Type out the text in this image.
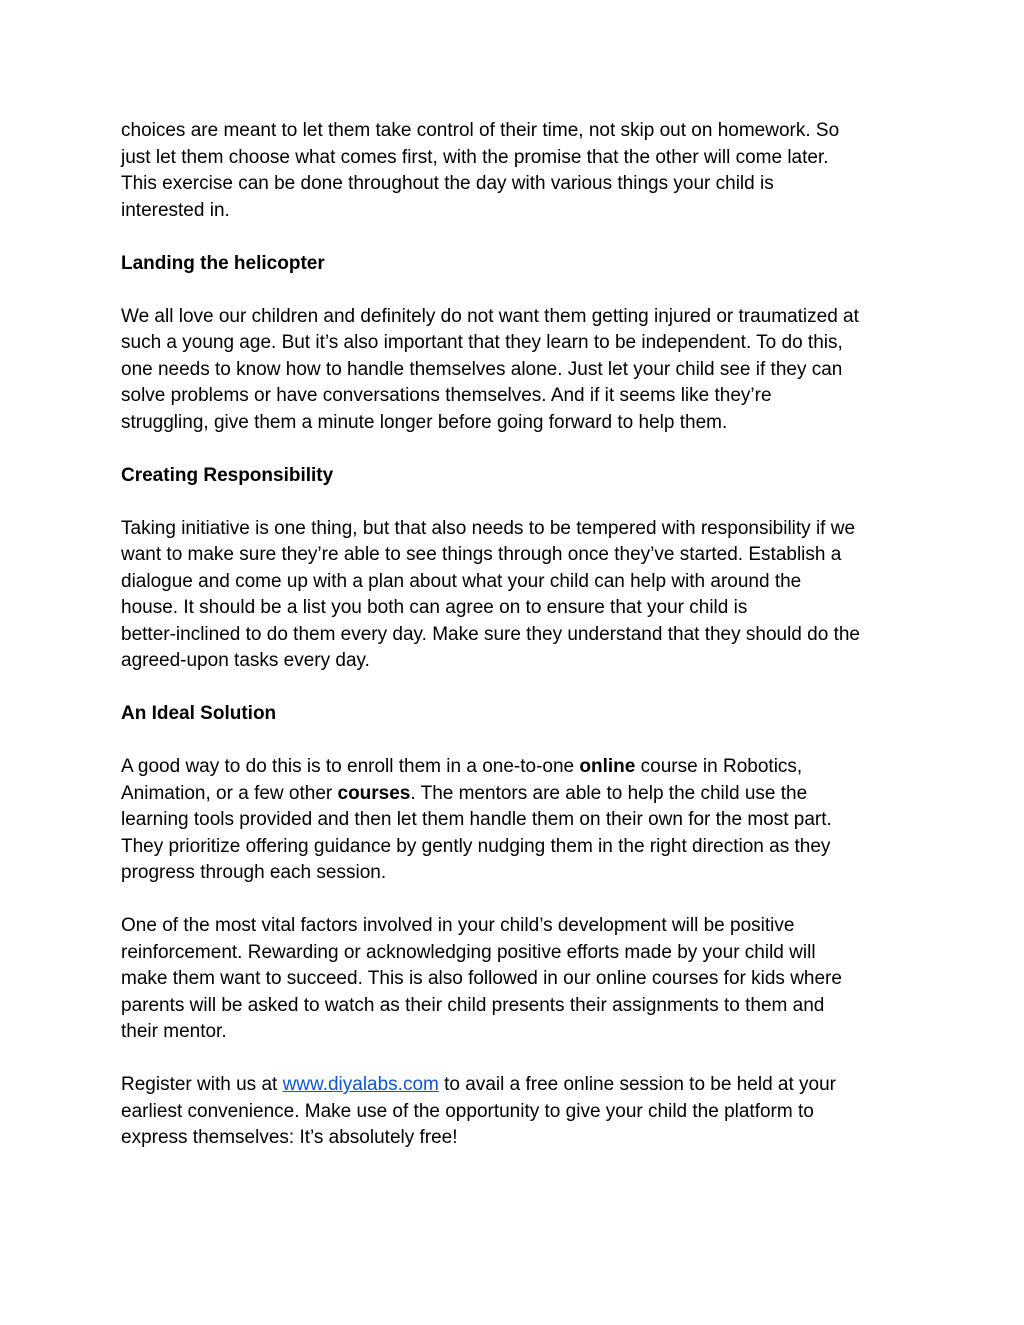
choices are meant to let them take control of their time, not skip out on homework. So
just let them choose what comes first, with the promise that the other will come later.
This exercise can be done throughout the day with various things your child is
interested in.
Landing the helicopter
We all love our children and definitely do not want them getting injured or traumatized at
such a young age. But it’s also important that they learn to be independent. To do this,
one needs to know how to handle themselves alone. Just let your child see if they can
solve problems or have conversations themselves. And if it seems like they’re
struggling, give them a minute longer before going forward to help them.
Creating Responsibility
Taking initiative is one thing, but that also needs to be tempered with responsibility if we
want to make sure they’re able to see things through once they’ve started. Establish a
dialogue and come up with a plan about what your child can help with around the
house. It should be a list you both can agree on to ensure that your child is
better-inclined to do them every day. Make sure they understand that they should do the
agreed-upon tasks every day.
An Ideal Solution
A good way to do this is to enroll them in a one-to-one online course in Robotics,
Animation, or a few other courses. The mentors are able to help the child use the
learning tools provided and then let them handle them on their own for the most part.
They prioritize offering guidance by gently nudging them in the right direction as they
progress through each session.
One of the most vital factors involved in your child’s development will be positive
reinforcement. Rewarding or acknowledging positive efforts made by your child will
make them want to succeed. This is also followed in our online courses for kids where
parents will be asked to watch as their child presents their assignments to them and
their mentor.
Register with us at www.diyalabs.com to avail a free online session to be held at your
earliest convenience. Make use of the opportunity to give your child the platform to
express themselves: It’s absolutely free!
